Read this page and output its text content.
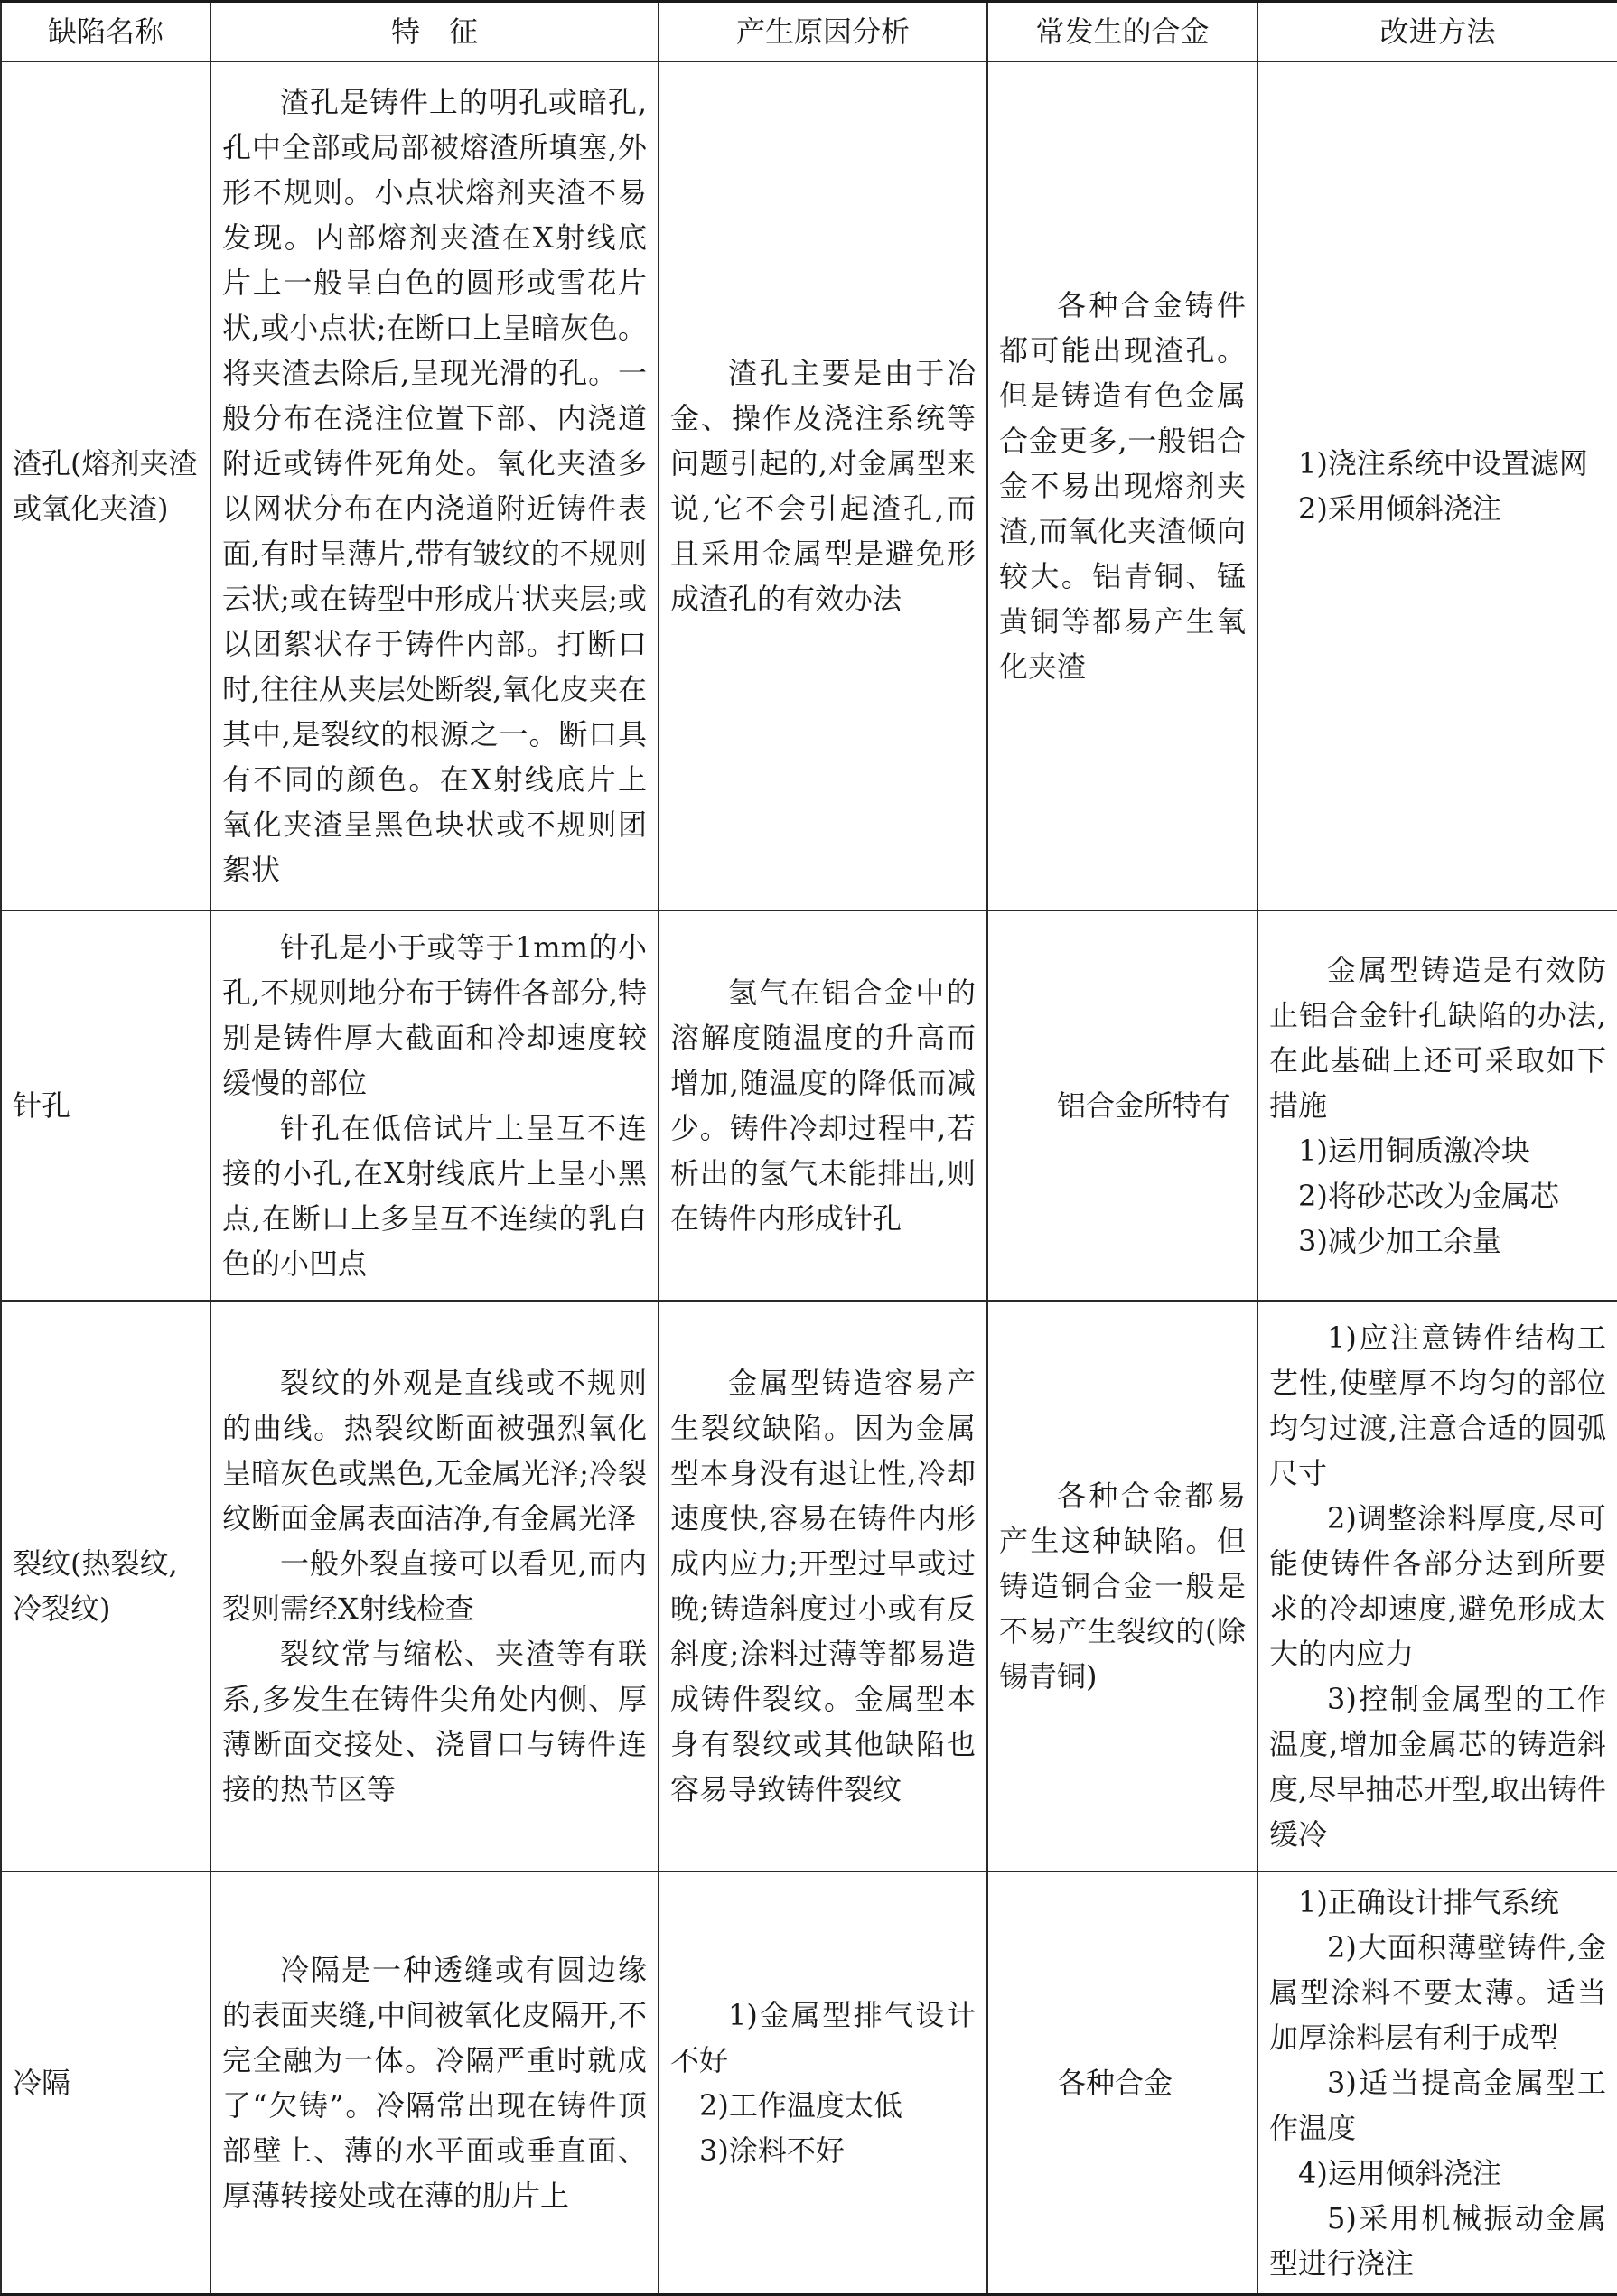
缺陷名称	特　征	产生原因分析	常发生的合金	改进方法
渣孔(熔剂夹渣或氧化夹渣)	渣孔是铸件上的明孔或暗孔,孔中全部或局部被熔渣所填塞,外形不规则。小点状熔剂夹渣不易发现。内部熔剂夹渣在X射线底片上一般呈白色的圆形或雪花片状,或小点状;在断口上呈暗灰色。将夹渣去除后,呈现光滑的孔。一般分布在浇注位置下部、内浇道附近或铸件死角处。氧化夹渣多以网状分布在内浇道附近铸件表面,有时呈薄片,带有皱纹的不规则云状;或在铸型中形成片状夹层;或以团絮状存于铸件内部。打断口时,往往从夹层处断裂,氧化皮夹在其中,是裂纹的根源之一。断口具有不同的颜色。在X射线底片上氧化夹渣呈黑色块状或不规则团絮状	渣孔主要是由于冶金、操作及浇注系统等问题引起的,对金属型来说,它不会引起渣孔,而且采用金属型是避免形成渣孔的有效办法	各种合金铸件都可能出现渣孔。但是铸造有色金属合金更多,一般铝合金不易出现熔剂夹渣,而氧化夹渣倾向较大。铝青铜、锰黄铜等都易产生氧化夹渣	1)浇注系统中设置滤网
2)采用倾斜浇注

针孔	针孔是小于或等于1mm的小孔,不规则地分布于铸件各部分,特别是铸件厚大截面和冷却速度较缓慢的部位
针孔在低倍试片上呈互不连接的小孔,在X射线底片上呈小黑点,在断口上多呈互不连续的乳白色的小凹点	氢气在铝合金中的溶解度随温度的升高而增加,随温度的降低而减少。铸件冷却过程中,若析出的氢气未能排出,则在铸件内形成针孔	铝合金所特有	金属型铸造是有效防止铝合金针孔缺陷的办法,在此基础上还可采取如下措施
1)运用铜质激冷块
2)将砂芯改为金属芯
3)减少加工余量

裂纹(热裂纹,冷裂纹)	裂纹的外观是直线或不规则的曲线。热裂纹断面被强烈氧化呈暗灰色或黑色,无金属光泽;冷裂纹断面金属表面洁净,有金属光泽
一般外裂直接可以看见,而内裂则需经X射线检查
裂纹常与缩松、夹渣等有联系,多发生在铸件尖角处内侧、厚薄断面交接处、浇冒口与铸件连接的热节区等	金属型铸造容易产生裂纹缺陷。因为金属型本身没有退让性,冷却速度快,容易在铸件内形成内应力;开型过早或过晚;铸造斜度过小或有反斜度;涂料过薄等都易造成铸件裂纹。金属型本身有裂纹或其他缺陷也容易导致铸件裂纹	各种合金都易产生这种缺陷。但铸造铜合金一般是不易产生裂纹的(除锡青铜)	1)应注意铸件结构工艺性,使壁厚不均匀的部位均匀过渡,注意合适的圆弧尺寸
2)调整涂料厚度,尽可能使铸件各部分达到所要求的冷却速度,避免形成太大的内应力
3)控制金属型的工作温度,增加金属芯的铸造斜度,尽早抽芯开型,取出铸件缓冷

冷隔	冷隔是一种透缝或有圆边缘的表面夹缝,中间被氧化皮隔开,不完全融为一体。冷隔严重时就成了“欠铸”。冷隔常出现在铸件顶部壁上、薄的水平面或垂直面、厚薄转接处或在薄的肋片上	1)金属型排气设计不好
2)工作温度太低
3)涂料不好	各种合金	1)正确设计排气系统
2)大面积薄壁铸件,金属型涂料不要太薄。适当加厚涂料层有利于成型
3)适当提高金属型工作温度
4)运用倾斜浇注
5)采用机械振动金属型进行浇注
